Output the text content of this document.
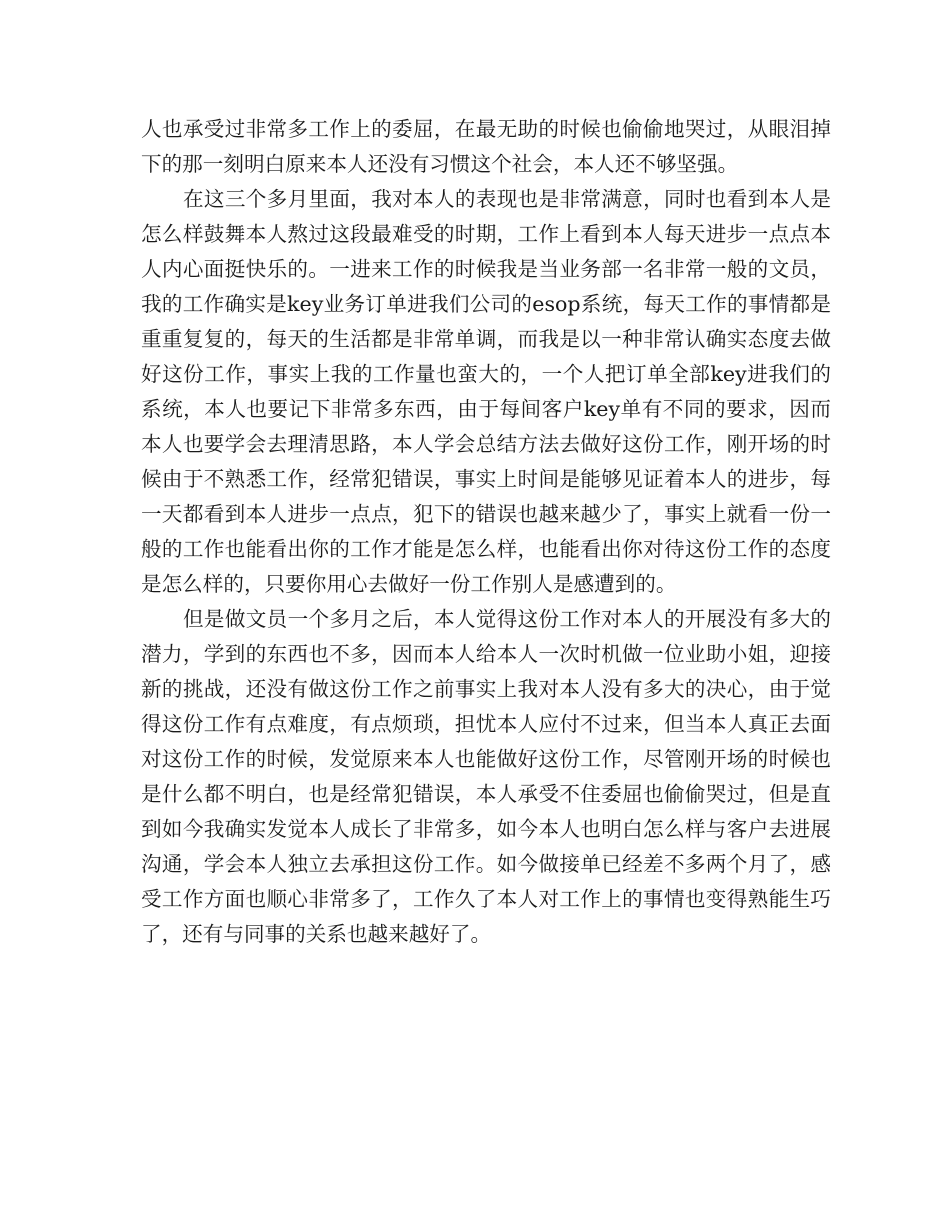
人也承受过非常多工作上的委屈，在最无助的时候也偷偷地哭过，从眼泪掉下的那一刻明白原来本人还没有习惯这个社会，本人还不够坚强。

在这三个多月里面，我对本人的表现也是非常满意，同时也看到本人是怎么样鼓舞本人熬过这段最难受的时期，工作上看到本人每天进步一点点本人内心面挺快乐的。一进来工作的时候我是当业务部一名非常一般的文员，我的工作确实是key业务订单进我们公司的esop系统，每天工作的事情都是重重复复的，每天的生活都是非常单调，而我是以一种非常认确实态度去做好这份工作，事实上我的工作量也蛮大的，一个人把订单全部key进我们的系统，本人也要记下非常多东西，由于每间客户key单有不同的要求，因而本人也要学会去理清思路，本人学会总结方法去做好这份工作，刚开场的时候由于不熟悉工作，经常犯错误，事实上时间是能够见证着本人的进步，每一天都看到本人进步一点点，犯下的错误也越来越少了，事实上就看一份一般的工作也能看出你的工作才能是怎么样，也能看出你对待这份工作的态度是怎么样的，只要你用心去做好一份工作别人是感遭到的。

但是做文员一个多月之后，本人觉得这份工作对本人的开展没有多大的潜力，学到的东西也不多，因而本人给本人一次时机做一位业助小姐，迎接新的挑战，还没有做这份工作之前事实上我对本人没有多大的决心，由于觉得这份工作有点难度，有点烦琐，担忧本人应付不过来，但当本人真正去面对这份工作的时候，发觉原来本人也能做好这份工作，尽管刚开场的时候也是什么都不明白，也是经常犯错误，本人承受不住委屈也偷偷哭过，但是直到如今我确实发觉本人成长了非常多，如今本人也明白怎么样与客户去进展沟通，学会本人独立去承担这份工作。如今做接单已经差不多两个月了，感受工作方面也顺心非常多了，工作久了本人对工作上的事情也变得熟能生巧了，还有与同事的关系也越来越好了。
